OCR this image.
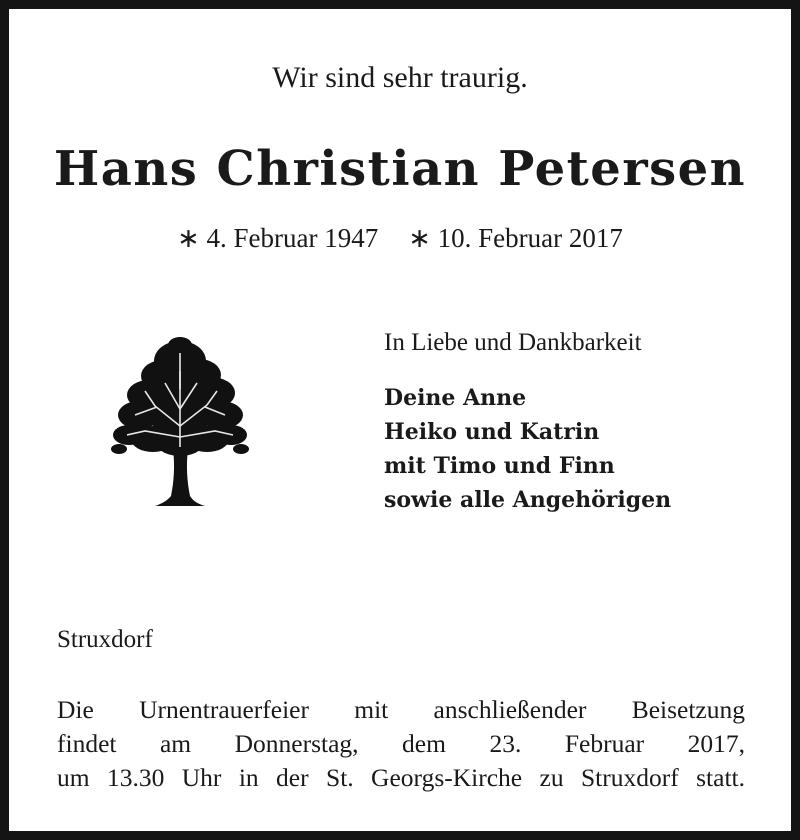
Wir sind sehr traurig.
Hans Christian Petersen
∗ 4. Februar 1947 ∗ 10. Februar 2017
In Liebe und Dankbarkeit
Deine Anne
Heiko und Katrin
mit Timo und Finn
sowie alle Angehörigen
Struxdorf
Die Urnentrauerfeier mit anschließender Beisetzung
findet am Donnerstag, dem 23. Februar 2017,
um 13.30 Uhr in der St. Georgs-Kirche zu Struxdorf statt.
